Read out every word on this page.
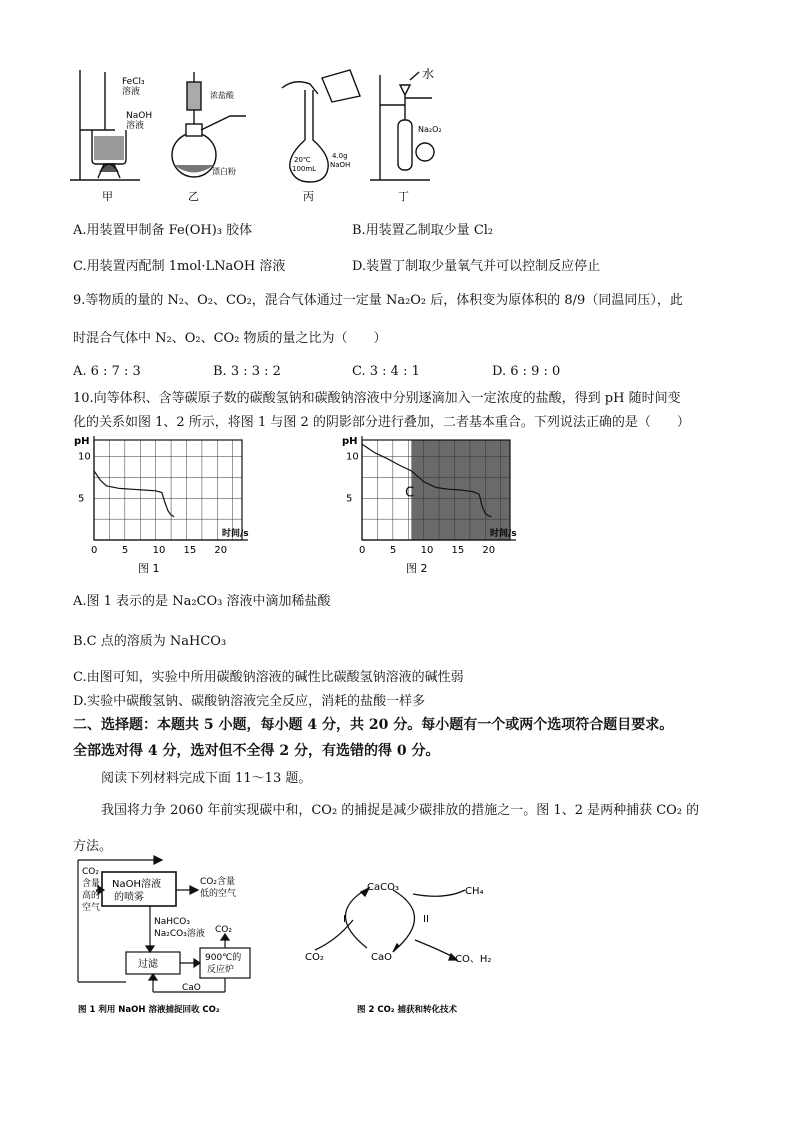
FeCl₃
溶液
NaOH
溶液
浓盐酸
漂白粉
20℃
100mL
4.0g
NaOH
水
Na₂O₂
甲	乙	丙	丁
A.用装置甲制备 Fe(OH)₃ 胶体	B.用装置乙制取少量 Cl₂
C.用装置丙配制 1mol·LNaOH 溶液	D.装置丁制取少量氧气并可以控制反应停止
9.等物质的量的 N₂、O₂、CO₂，混合气体通过一定量 Na₂O₂ 后，体积变为原体积的 8/9（同温同压），此
时混合气体中 N₂、O₂、CO₂ 物质的量之比为（　　）
A. 6 : 7 : 3	B. 3 : 3 : 2	C. 3 : 4 : 1	D. 6 : 9 : 0
10.向等体积、含等碳原子数的碳酸氢钠和碳酸钠溶液中分别逐滴加入一定浓度的盐酸，得到 pH 随时间变
化的关系如图 1、2 所示，将图 1 与图 2 的阴影部分进行叠加，二者基本重合。下列说法正确的是（　　）
0 5 10 15 20
5
10
pH
时间/s
图 1
0 5 10 15 20
5
10
pH
时间/s
图 2
C
A.图 1 表示的是 Na₂CO₃ 溶液中滴加稀盐酸
B.C 点的溶质为 NaHCO₃
C.由图可知，实验中所用碳酸钠溶液的碱性比碳酸氢钠溶液的碱性弱
D.实验中碳酸氢钠、碳酸钠溶液完全反应，消耗的盐酸一样多
二、选择题：本题共 5 小题，每小题 4 分，共 20 分。每小题有一个或两个选项符合题目要求。
全部选对得 4 分，选对但不全得 2 分，有选错的得 0 分。
阅读下列材料完成下面 11～13 题。
我国将力争 2060 年前实现碳中和，CO₂ 的捕捉是减少碳排放的措施之一。图 1、2 是两种捕获 CO₂ 的
方法。
CO₂
含量
高的
空气
NaOH溶液
的喷雾
CO₂含量
低的空气
NaHCO₃
Na₂CO₃溶液
过滤
CO₂
900℃的
反应炉
CaO
图 1 利用 NaOH 溶液捕捉回收 CO₂
CaCO₃	CH₄
I	II
CO₂	CaO	CO、H₂
图 2 CO₂ 捕获和转化技术
